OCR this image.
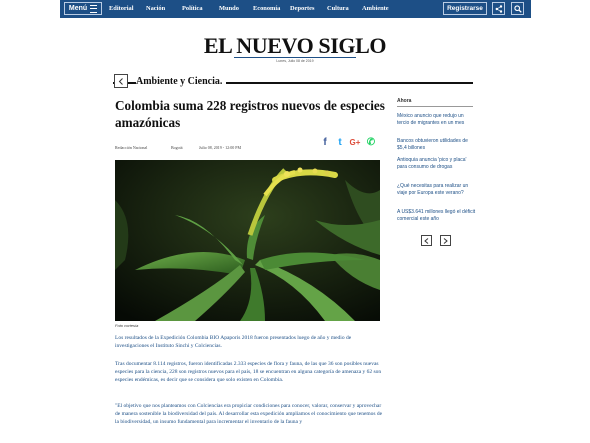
Menú	Editorial Nación	Política	Mundo Economía Deportes Cultura Ambiente	Registrarse
EL NUEVO SIGLO
Lunes, Julio 08 de 2019
Ambiente y Ciencia.
Colombia suma 228 registros nuevos de especies amazónicas
Redacción Nacional	Bogotá	Julio 08, 2019 - 12:00 PM	f t G+ ✆
Foto cortesía

Los resultados de la Expedición Colombia BIO Apaporis 2018 fueron presentados luego de año y medio de investigaciones el Instituto Sinchi y Colciencias.

Tras documentar 8.114 registros, fueron identificadas 2.333 especies de flora y fauna, de las que 36 son posibles nuevas especies para la ciencia, 228 son registros nuevos para el país, 18 se encuentran en alguna categoría de amenaza y 62 son especies endémicas, es decir que se considera que solo existen en Colombia.

"El objetivo que nos planteamos con Colciencias era propiciar condiciones para conocer, valorar, conservar y aprovechar de manera sostenible la biodiversidad del país. Al desarrollar esta expedición ampliamos el conocimiento que tenemos de la biodiversidad, un insumo fundamental para incrementar el inventario de la fauna y

Ahora
México anuncio que redujo un tercio de migrantes en un mes
Bancos obtuvieron utilidades de $5,4 billones
Antioquia anuncia 'pico y placa' para consumo de drogas
¿Qué necesitas para realizar un viaje por Europa este verano?
A US$3.641 millones llegó el déficit comercial este año
